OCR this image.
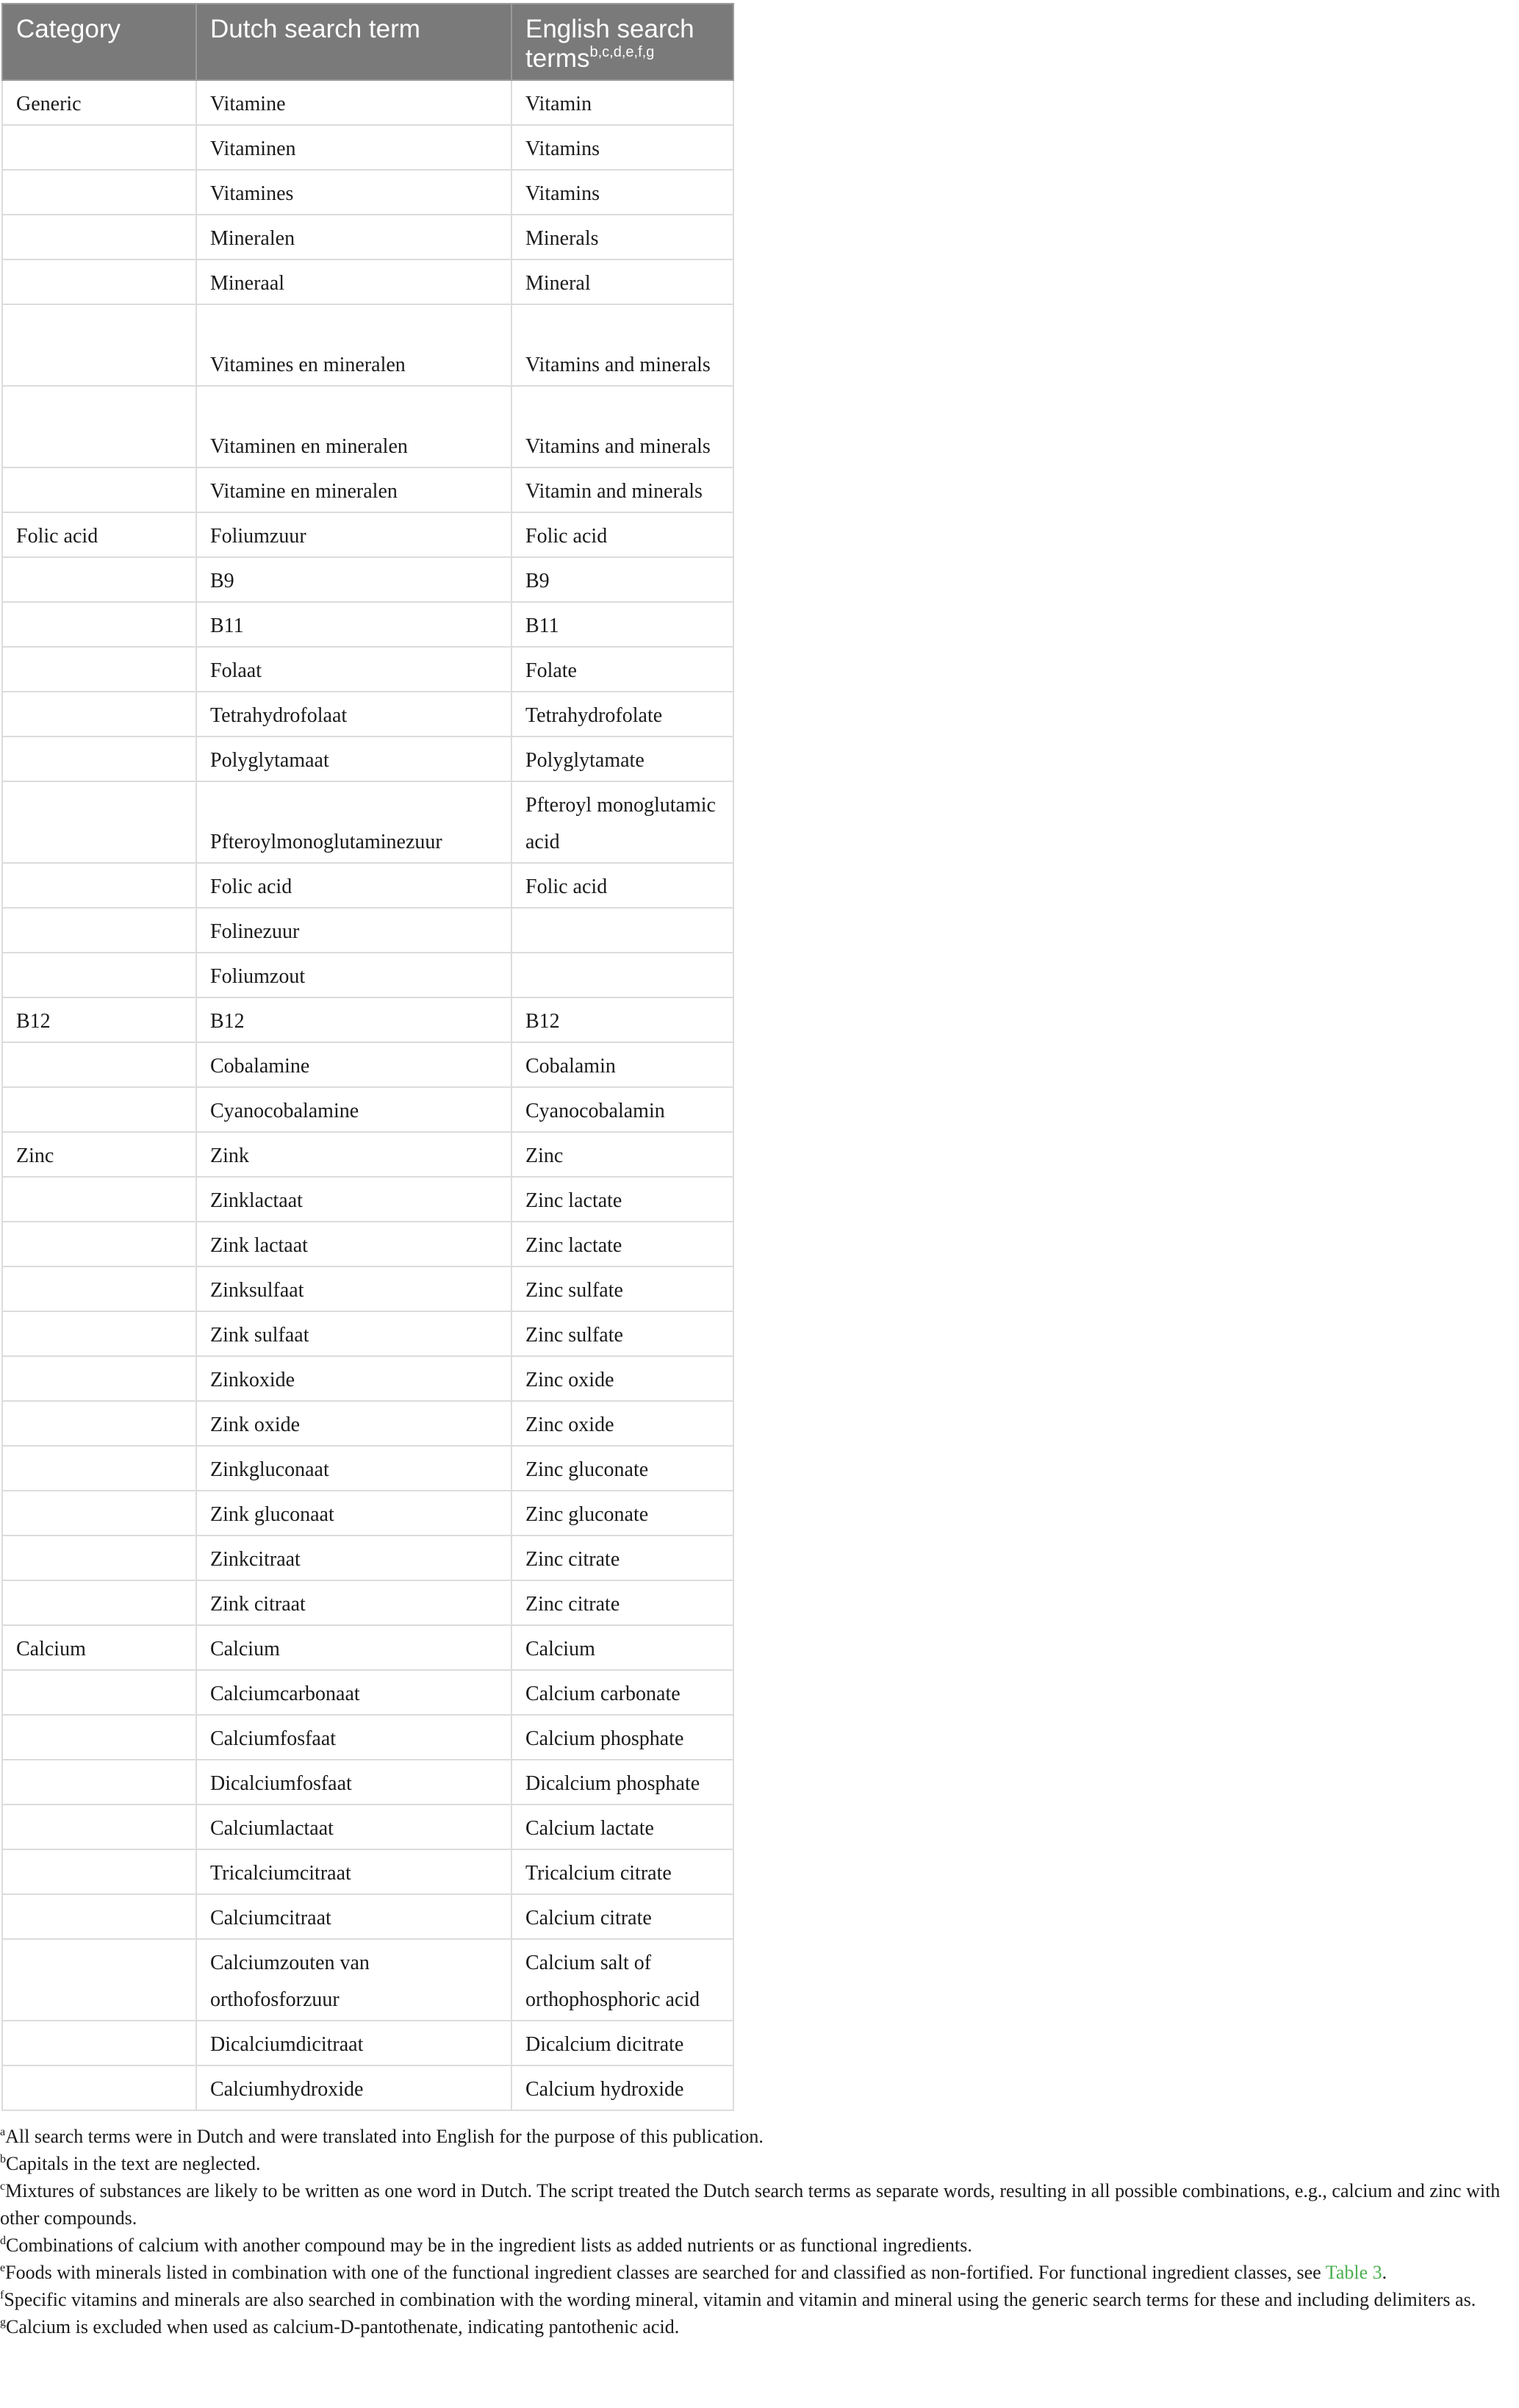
Category	Dutch search term	English search terms$^{b,c,d,e,f,g}$
Generic	Vitamine	Vitamin
	Vitaminen	Vitamins
	Vitamines	Vitamins
	Mineralen	Minerals
	Mineraal	Mineral
	Vitamines en mineralen	Vitamins and minerals
	Vitaminen en mineralen	Vitamins and minerals
	Vitamine en mineralen	Vitamin and minerals
Folic acid	Foliumzuur	Folic acid
	B9	B9
	B11	B11
	Folaat	Folate
	Tetrahydrofolaat	Tetrahydrofolate
	Polyglytamaat	Polyglytamate
	Pfteroylmonoglutaminezuur	Pfteroyl monoglutamic acid
	Folic acid	Folic acid
	Folinezuur	
	Foliumzout	
B12	B12	B12
	Cobalamine	Cobalamin
	Cyanocobalamine	Cyanocobalamin
Zinc	Zink	Zinc
	Zinklactaat	Zinc lactate
	Zink lactaat	Zinc lactate
	Zinksulfaat	Zinc sulfate
	Zink sulfaat	Zinc sulfate
	Zinkoxide	Zinc oxide
	Zink oxide	Zinc oxide
	Zinkgluconaat	Zinc gluconate
	Zink gluconaat	Zinc gluconate
	Zinkcitraat	Zinc citrate
	Zink citraat	Zinc citrate
Calcium	Calcium	Calcium
	Calciumcarbonaat	Calcium carbonate
	Calciumfosfaat	Calcium phosphate
	Dicalciumfosfaat	Dicalcium phosphate
	Calciumlactaat	Calcium lactate
	Tricalciumcitraat	Tricalcium citrate
	Calciumcitraat	Calcium citrate
	Calciumzouten van orthofosforzuur	Calcium salt of orthophosphoric acid
	Dicalciumdicitraat	Dicalcium dicitrate
	Calciumhydroxide	Calcium hydroxide

$^a$All search terms were in Dutch and were translated into English for the purpose of this publication.

$^b$Capitals in the text are neglected.

$^c$Mixtures of substances are likely to be written as one word in Dutch. The script treated the Dutch search terms as separate words, resulting in all possible combinations, e.g., calcium and zinc with other compounds.

$^d$Combinations of calcium with another compound may be in the ingredient lists as added nutrients or as functional ingredients.

$^e$Foods with minerals listed in combination with one of the functional ingredient classes are searched for and classified as non-fortified. For functional ingredient classes, see Table 3.

$^f$Specific vitamins and minerals are also searched in combination with the wording mineral, vitamin and vitamin and mineral using the generic search terms for these and including delimiters as.

$^g$Calcium is excluded when used as calcium-D-pantothenate, indicating pantothenic acid.
